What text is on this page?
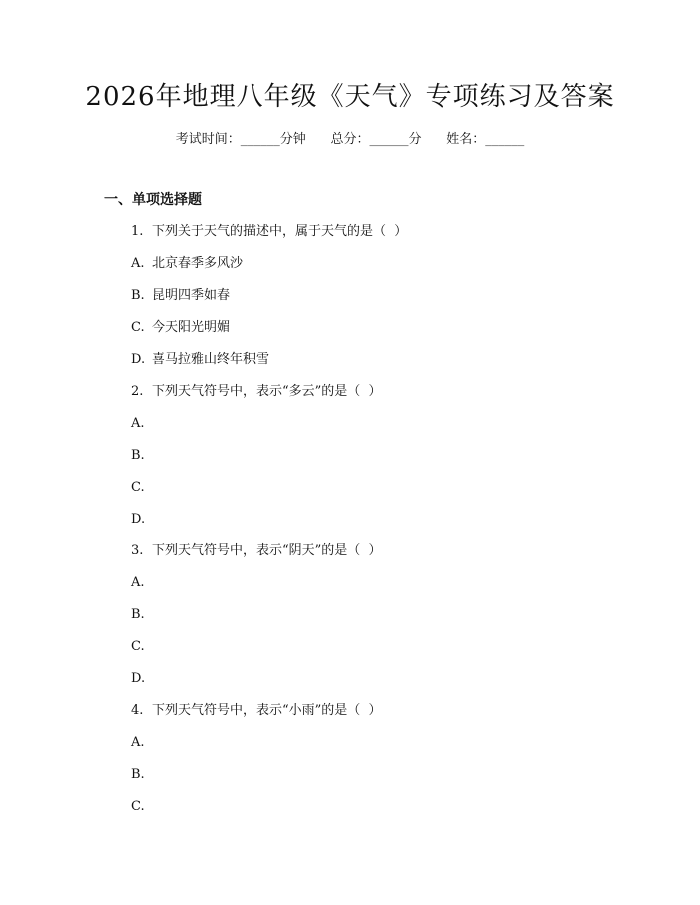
2026年地理八年级《天气》专项练习及答案
考试时间：______分钟      总分：______分      姓名：______
一、单项选择题
1. 下列关于天气的描述中，属于天气的是（  ）
A. 北京春季多风沙
B. 昆明四季如春
C. 今天阳光明媚
D. 喜马拉雅山终年积雪
2. 下列天气符号中，表示“多云”的是（  ）
A.
B.
C.
D.
3. 下列天气符号中，表示“阴天”的是（  ）
A.
B.
C.
D.
4. 下列天气符号中，表示“小雨”的是（  ）
A.
B.
C.
